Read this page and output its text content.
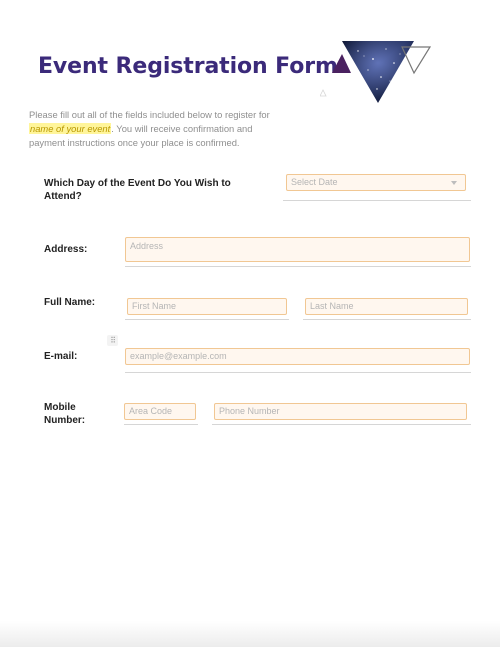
Event Registration Form
Please fill out all of the fields included below to register for name of your event. You will receive confirmation and payment instructions once your place is confirmed.
Which Day of the Event Do You Wish to Attend?
Select Date
Address:	Address
Full Name:	First Name	Last Name
⠿
E-mail:	example@example.com
Mobile Number:
Area Code	Phone Number
